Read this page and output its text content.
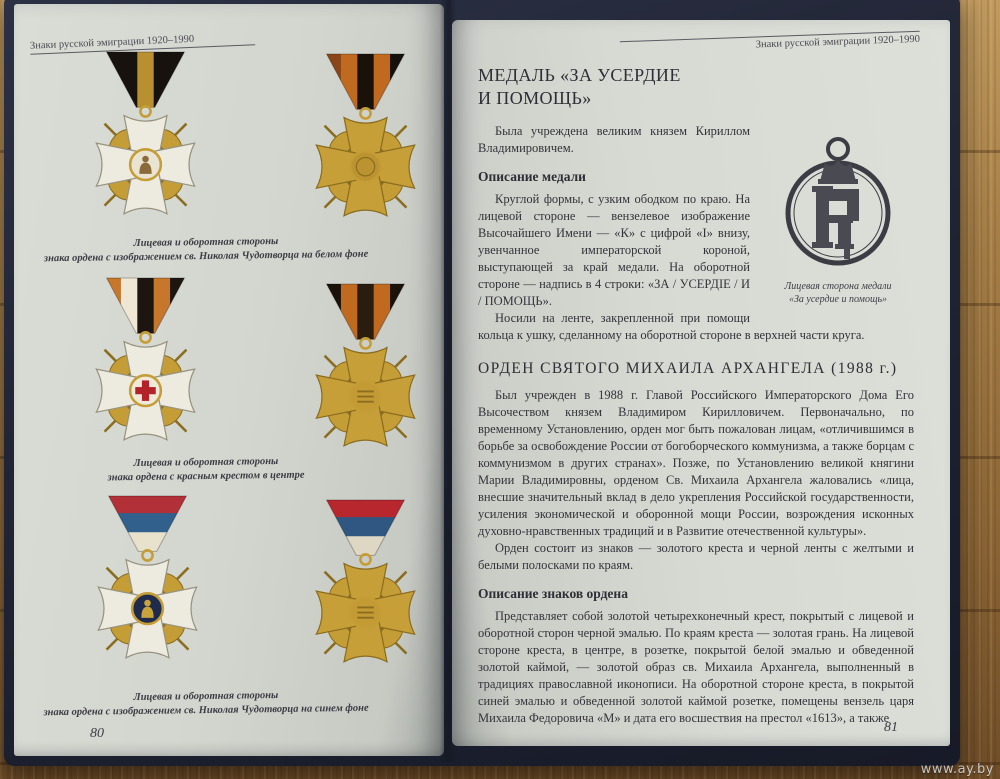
Знаки русской эмиграции 1920–1990
Лицевая и оборотная стороны
знака ордена с изображением св. Николая Чудотворца на белом фоне
Лицевая и оборотная стороны
знака ордена с красным крестом в центре
Лицевая и оборотная стороны
знака ордена с изображением св. Николая Чудотворца на синем фоне
80
Знаки русской эмиграции 1920–1990
МЕДАЛЬ «ЗА УСЕРДИЕ
И ПОМОЩЬ»
Лицевая сторона медали
«За усердие и помощь»

Была учреждена великим князем Кириллом Владимировичем.

Описание медали

Круглой формы, с узким ободком по краю. На лицевой стороне — вензелевое изображение Высочайшего Имени — «К» с цифрой «I» внизу, увенчанное императорской короной, выступающей за край медали. На оборотной стороне — надпись в 4 строки: «ЗА / УСЕРДІЕ / И / ПОМОЩЬ».

Носили на ленте, закрепленной при помощи кольца к ушку, сделанному на оборотной стороне в верхней части круга.

ОРДЕН СВЯТОГО МИХАИЛА АРХАНГЕЛА (1988 г.)

Был учрежден в 1988 г. Главой Российского Императорского Дома Его Высочеством князем Владимиром Кирилловичем. Первоначально, по временному Установлению, орден мог быть пожалован лицам, «отличившимся в борьбе за освобождение России от богоборческого коммунизма, а также борцам с коммунизмом в других странах». Позже, по Установлению великой княгини Марии Владимировны, орденом Св. Михаила Архангела жаловались «лица, внесшие значительный вклад в дело укрепления Российской государственности, усиления экономической и оборонной мощи России, возрождения исконных духовно-нравственных традиций и в Развитие отечественной культуры».

Орден состоит из знаков — золотого креста и черной ленты с желтыми и белыми полосками по краям.

Описание знаков ордена

Представляет собой золотой четырехконечный крест, покрытый с лицевой и оборотной сторон черной эмалью. По краям креста — золотая грань. На лицевой стороне креста, в центре, в розетке, покрытой белой эмалью и обведенной золотой каймой, — золотой образ св. Михаила Архангела, выполненный в традициях православной иконописи. На оборотной стороне креста, в покрытой синей эмалью и обведенной золотой каймой розетке, помещены вензель царя Михаила Федоровича «М» и дата его восшествия на престол «1613», а также

81
www.ay.by
